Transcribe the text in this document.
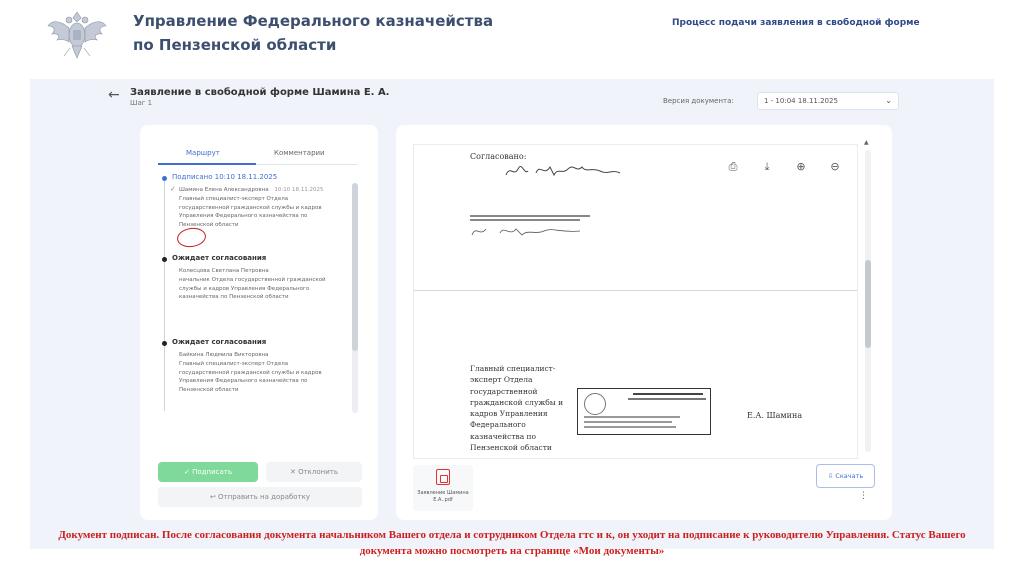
Управление Федерального казначейства по Пензенской области
Процесс подачи заявления в свободной форме
← Заявление в свободной форме Шамина Е. А.
Шаг 1	Версия документа:	1 - 10:04 18.11.2025	⌄
Маршрут	Комментарии
Подписано 10:10 18.11.2025
✓ Шамина Елена Александровна 10:10 18.11.2025
Главный специалист-эксперт Отдела государственной гражданской службы и кадров Управления Федерального казначейства по Пензенской области
Ожидает согласования
Колесцова Светлана Петровна
начальник Отдела государственной гражданской службы и кадров Управления Федерального казначейства по Пензенской области
Ожидает согласования
Байкина Людмила Викторовна
Главный специалист-эксперт Отдела государственной гражданской службы и кадров Управления Федерального казначейства по Пензенской области
✓ Подписать	✕ Отклонить
↩ Отправить на доработку
Согласовано:
⎙	⤓	⊕	⊖
Главный специалист-эксперт Отдела государственной гражданской службы и кадров Управления Федерального казначейства по Пензенской области
Е.А. Шамина
▲
Заявление Шамина Е.А..pdf
⇩ Скачать
⋮
Документ подписан. После согласования документа начальником Вашего отдела и сотрудником Отдела гтс и к, он уходит на подписание к руководителю Управления. Статус Вашего документа можно посмотреть на странице «Мои документы»
